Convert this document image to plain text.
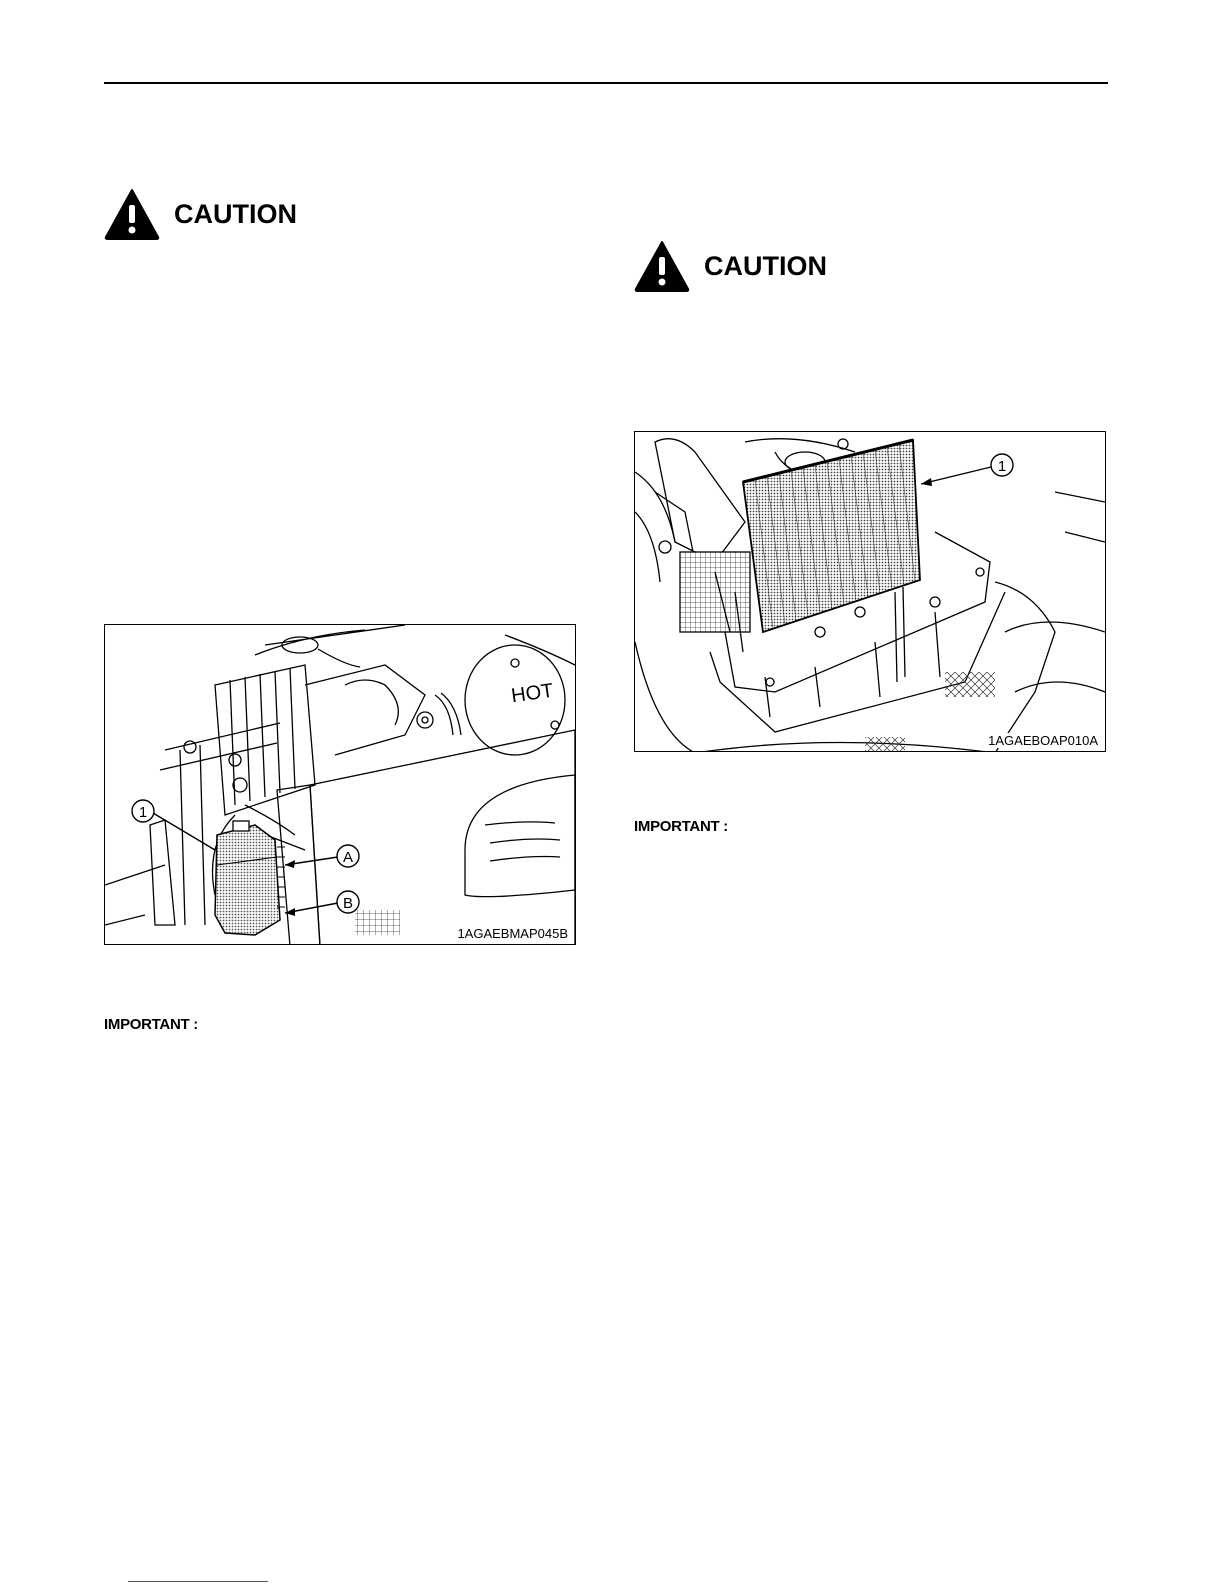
CAUTION
CAUTION
HOT
1
A
B
1AGAEBMAP045B
1
1AGAEBOAP010A
IMPORTANT :
IMPORTANT :
